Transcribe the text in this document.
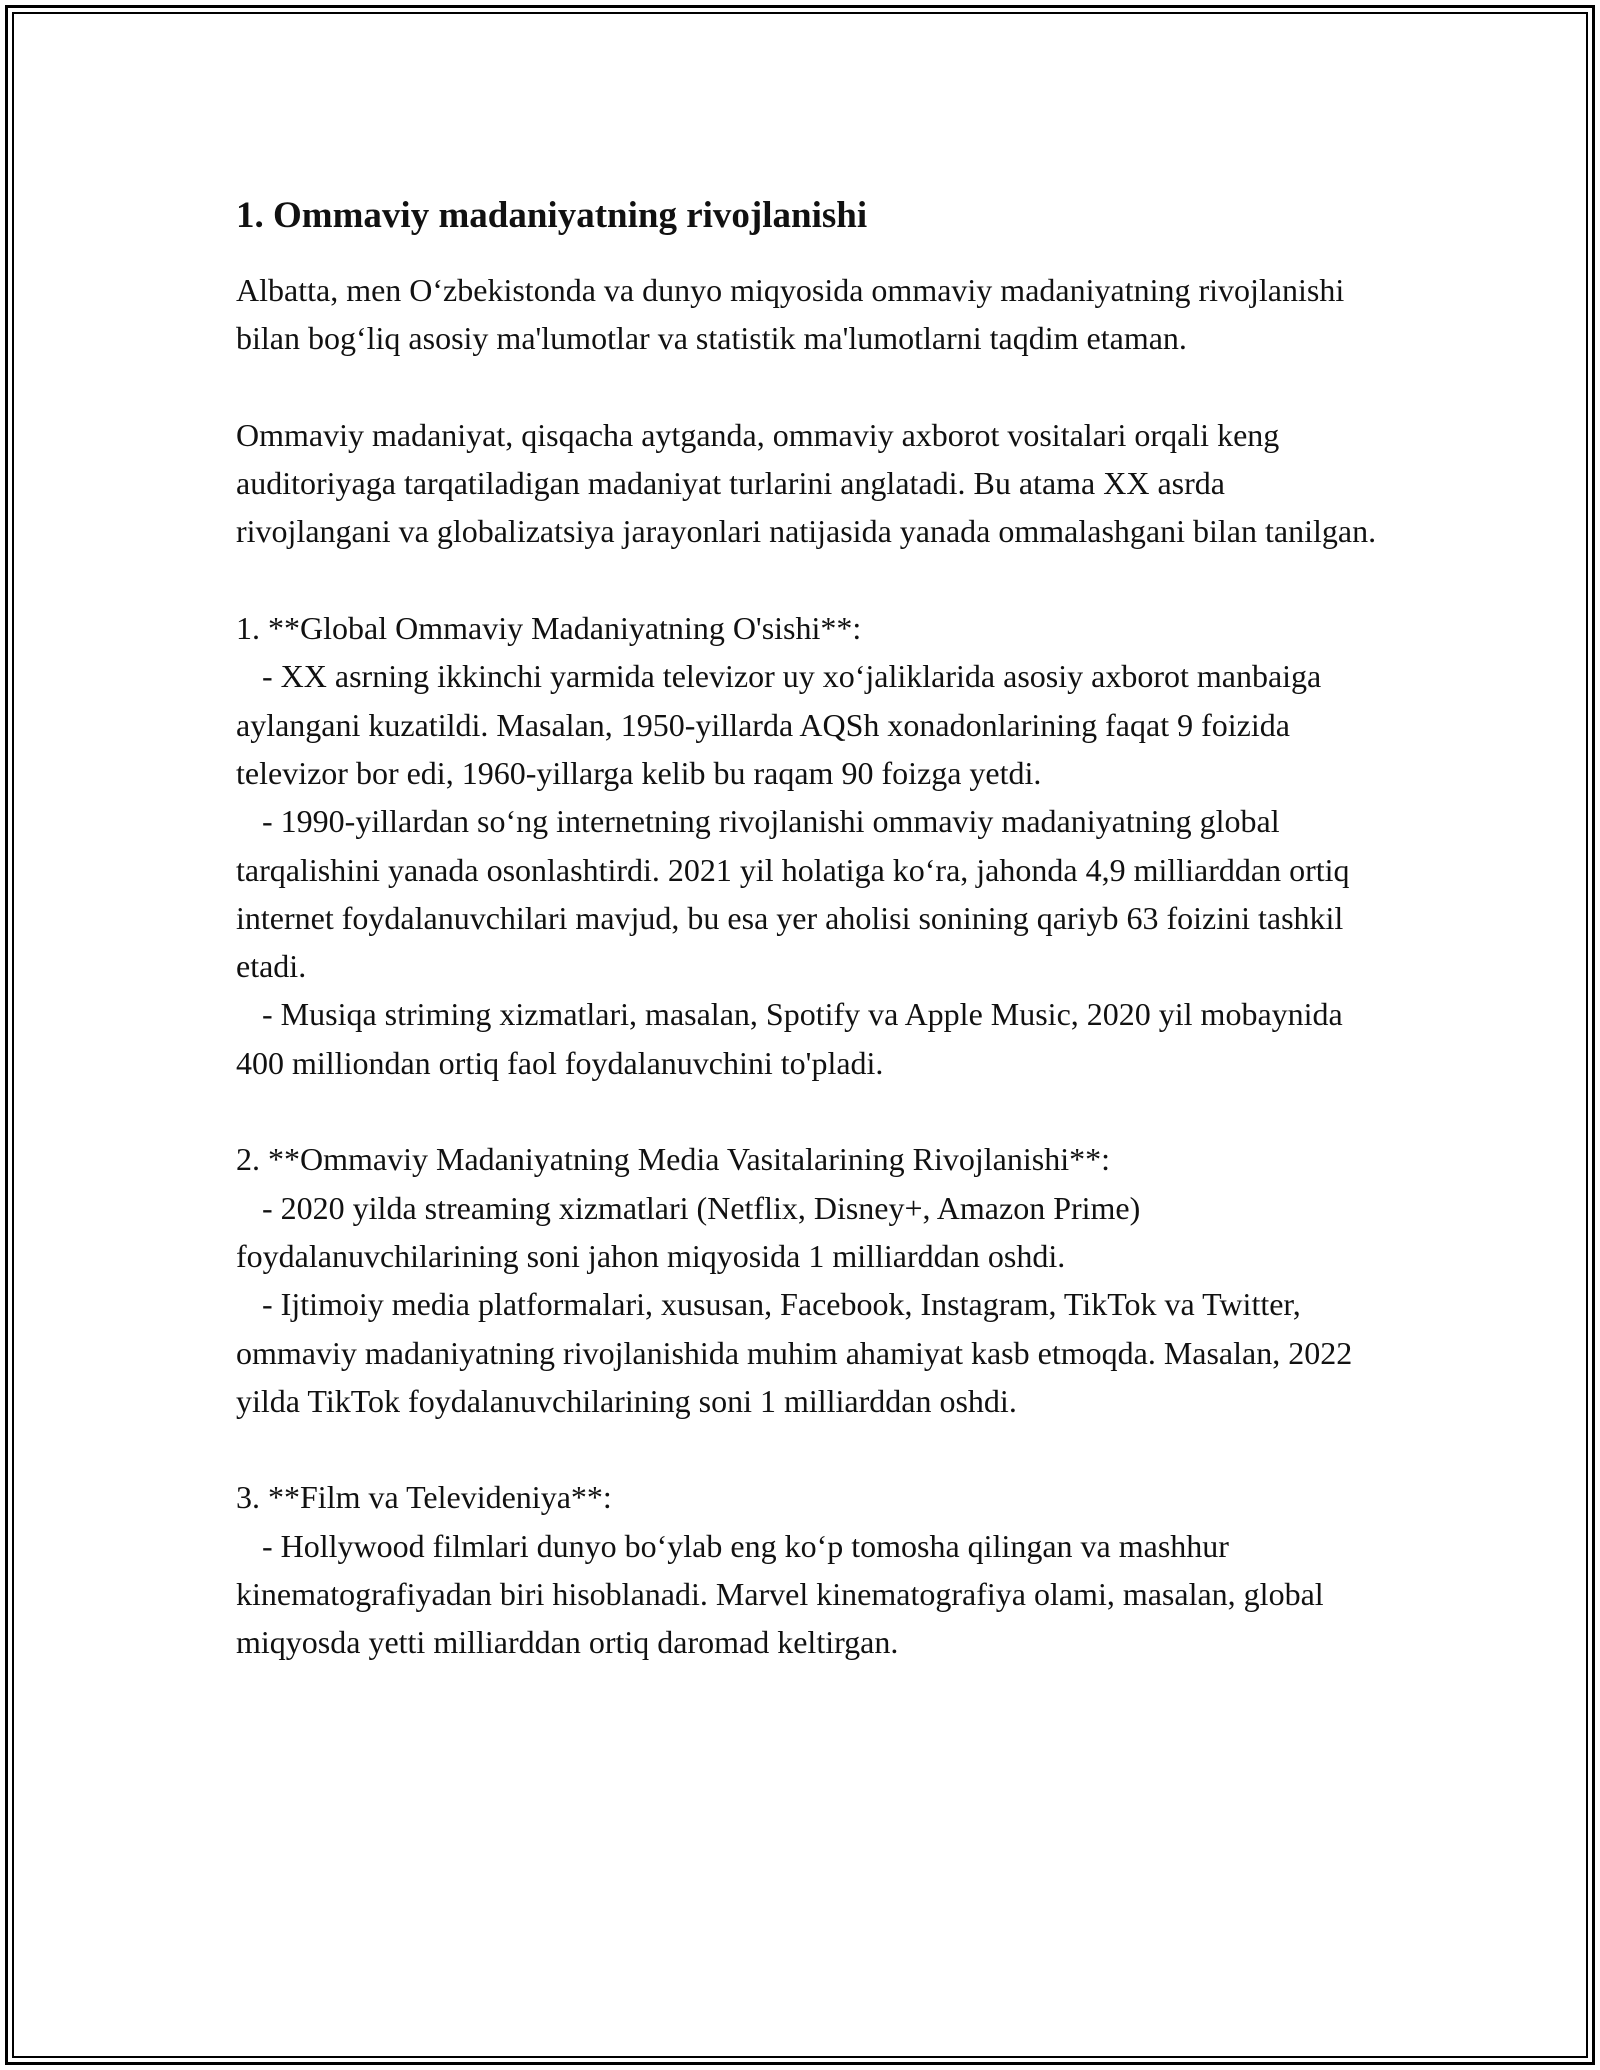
1. Ommaviy madaniyatning rivojlanishi

Albatta, men O‘zbekistonda va dunyo miqyosida ommaviy madaniyatning rivojlanishi bilan bog‘liq asosiy ma'lumotlar va statistik ma'lumotlarni taqdim etaman.

Ommaviy madaniyat, qisqacha aytganda, ommaviy axborot vositalari orqali keng auditoriyaga tarqatiladigan madaniyat turlarini anglatadi. Bu atama XX asrda rivojlangani va globalizatsiya jarayonlari natijasida yanada ommalashgani bilan tanilgan.

1. **Global Ommaviy Madaniyatning O'sishi**:

- XX asrning ikkinchi yarmida televizor uy xo‘jaliklarida asosiy axborot manbaiga aylangani kuzatildi. Masalan, 1950-yillarda AQSh xonadonlarining faqat 9 foizida televizor bor edi, 1960-yillarga kelib bu raqam 90 foizga yetdi.

- 1990-yillardan so‘ng internetning rivojlanishi ommaviy madaniyatning global tarqalishini yanada osonlashtirdi. 2021 yil holatiga ko‘ra, jahonda 4,9 milliarddan ortiq internet foydalanuvchilari mavjud, bu esa yer aholisi sonining qariyb 63 foizini tashkil etadi.

- Musiqa striming xizmatlari, masalan, Spotify va Apple Music, 2020 yil mobaynida 400 milliondan ortiq faol foydalanuvchini to'pladi.

2. **Ommaviy Madaniyatning Media Vasitalarining Rivojlanishi**:

- 2020 yilda streaming xizmatlari (Netflix, Disney+, Amazon Prime) foydalanuvchilarining soni jahon miqyosida 1 milliarddan oshdi.

- Ijtimoiy media platformalari, xususan, Facebook, Instagram, TikTok va Twitter, ommaviy madaniyatning rivojlanishida muhim ahamiyat kasb etmoqda. Masalan, 2022 yilda TikTok foydalanuvchilarining soni 1 milliarddan oshdi.

3. **Film va Televideniya**:

- Hollywood filmlari dunyo bo‘ylab eng ko‘p tomosha qilingan va mashhur kinematografiyadan biri hisoblanadi. Marvel kinematografiya olami, masalan, global miqyosda yetti milliarddan ortiq daromad keltirgan.
